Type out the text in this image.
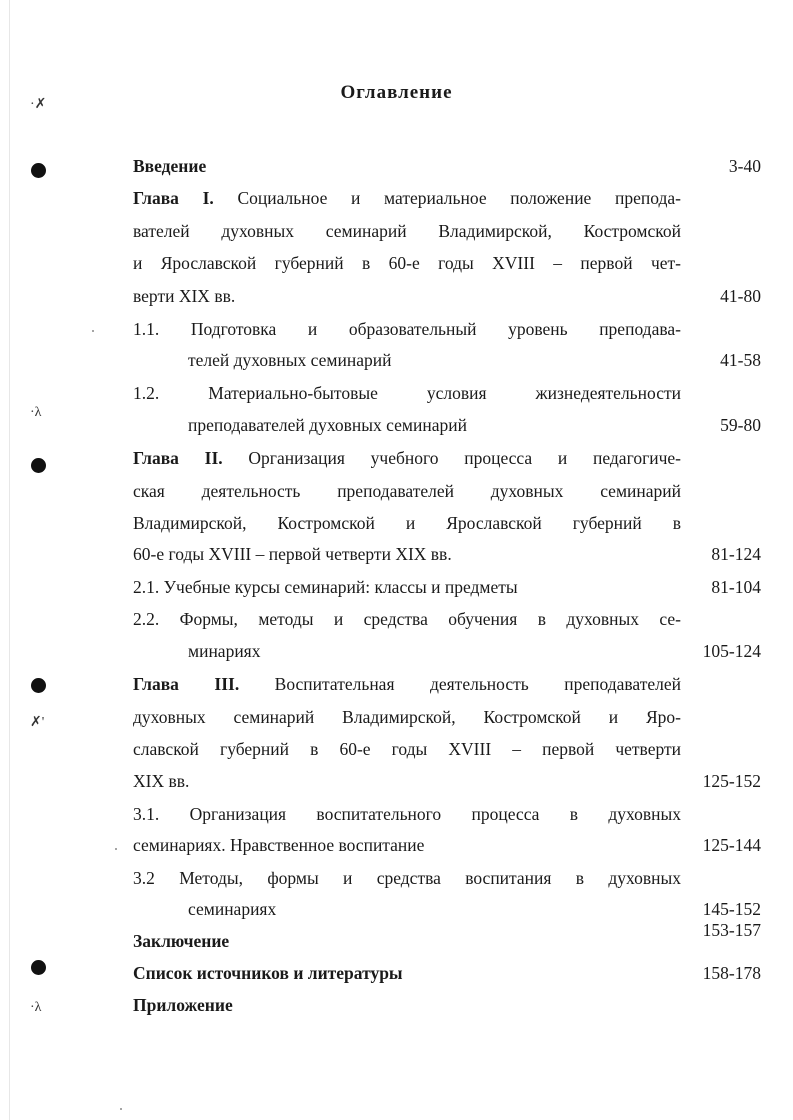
Оглавление
Введение
Глава I. Социальное и материальное положение препода-
вателей духовных семинарий Владимирской, Костромской
и Ярославской губерний в 60-е годы XVIII – первой чет-
верти XIX вв.
1.1. Подготовка и образовательный уровень преподава-
телей духовных семинарий
1.2. Материально-бытовые условия жизнедеятельности
преподавателей духовных семинарий
Глава II. Организация учебного процесса и педагогиче-
ская деятельность преподавателей духовных семинарий
Владимирской, Костромской и Ярославской губерний в
60-е годы XVIII – первой четверти XIX вв.
2.1. Учебные курсы семинарий: классы и предметы
2.2. Формы, методы и средства обучения в духовных се-
минариях
Глава III. Воспитательная деятельность преподавателей
духовных семинарий Владимирской, Костромской и Яро-
славской губерний в 60-е годы XVIII – первой четверти
XIX вв.
3.1. Организация воспитательного процесса в духовных
семинариях. Нравственное воспитание
3.2 Методы, формы и средства воспитания в духовных
семинариях
Заключение
Список источников и литературы
Приложение
3-40
41-80
41-58
59-80
81-124
81-104
105-124
125-152
125-144
145-152
153-157
158-178
·✗
·λ
✗'
·λ
